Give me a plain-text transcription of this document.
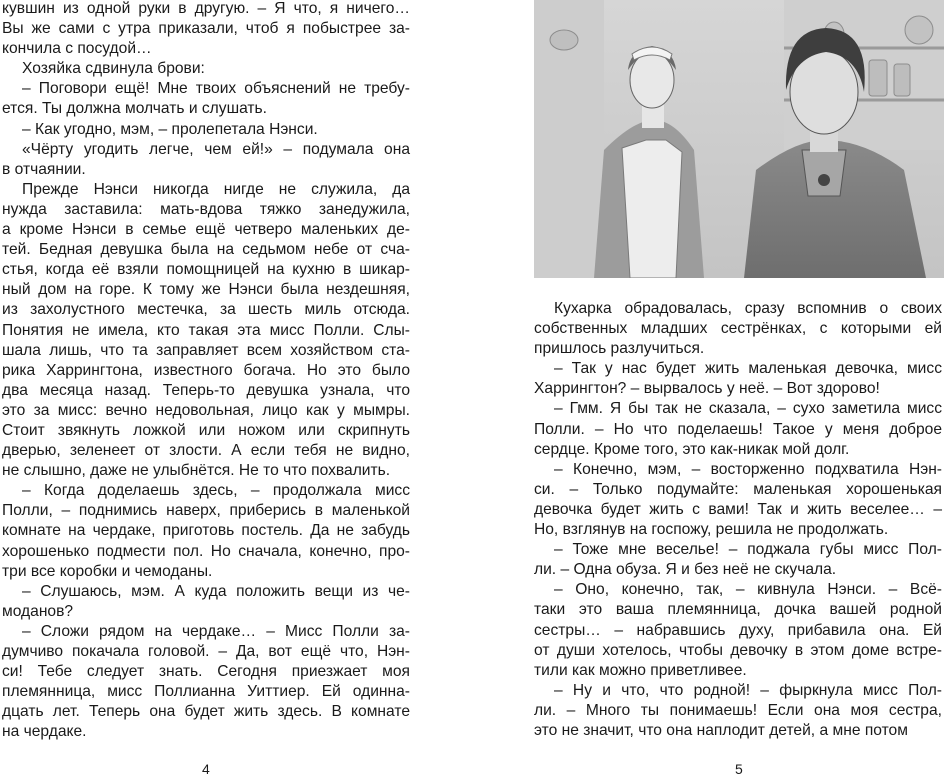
кувшин из одной руки в другую. – Я что, я ничего…

Вы же сами с утра приказали, чтоб я побыстрее за-

кончила с посудой…

Хозяйка сдвинула брови:

– Поговори ещё! Мне твоих объяснений не требу-

ется. Ты должна молчать и слушать.

– Как угодно, мэм, – пролепетала Нэнси.

«Чёрту угодить легче, чем ей!» – подумала она

в отчаянии.

Прежде Нэнси никогда нигде не служила, да

нужда заставила: мать-вдова тяжко занедужила,

а кроме Нэнси в семье ещё четверо маленьких де-

тей. Бедная девушка была на седьмом небе от сча-

стья, когда её взяли помощницей на кухню в шикар-

ный дом на горе. К тому же Нэнси была нездешняя,

из захолустного местечка, за шесть миль отсюда.

Понятия не имела, кто такая эта мисс Полли. Слы-

шала лишь, что та заправляет всем хозяйством ста-

рика Харрингтона, известного богача. Но это было

два месяца назад. Теперь-то девушка узнала, что

это за мисс: вечно недовольная, лицо как у мымры.

Стоит звякнуть ложкой или ножом или скрипнуть

дверью, зеленеет от злости. А если тебя не видно,

не слышно, даже не улыбнётся. Не то что похвалить.

– Когда доделаешь здесь, – продолжала мисс

Полли, – поднимись наверх, приберись в маленькой

комнате на чердаке, приготовь постель. Да не забудь

хорошенько подмести пол. Но сначала, конечно, про-

три все коробки и чемоданы.

– Слушаюсь, мэм. А куда положить вещи из че-

моданов?

– Сложи рядом на чердаке… – Мисс Полли за-

думчиво покачала головой. – Да, вот ещё что, Нэн-

си! Тебе следует знать. Сегодня приезжает моя

племянница, мисс Поллианна Уиттиер. Ей одинна-

дцать лет. Теперь она будет жить здесь. В комнате

на чердаке.

4

Кухарка обрадовалась, сразу вспомнив о своих

собственных младших сестрёнках, с которыми ей

пришлось разлучиться.

– Так у нас будет жить маленькая девочка, мисс

Харрингтон? – вырвалось у неё. – Вот здорово!

– Гмм. Я бы так не сказала, – сухо заметила мисс

Полли. – Но что поделаешь! Такое у меня доброе

сердце. Кроме того, это как-никак мой долг.

– Конечно, мэм, – восторженно подхватила Нэн-

си. – Только подумайте: маленькая хорошенькая

девочка будет жить с вами! Так и жить веселее… –

Но, взглянув на госпожу, решила не продолжать.

– Тоже мне веселье! – поджала губы мисс Пол-

ли. – Одна обуза. Я и без неё не скучала.

– Оно, конечно, так, – кивнула Нэнси. – Всё-

таки это ваша племянница, дочка вашей родной

сестры… – набравшись духу, прибавила она. Ей

от души хотелось, чтобы девочку в этом доме встре-

тили как можно приветливее.

– Ну и что, что родной! – фыркнула мисс Пол-

ли. – Много ты понимаешь! Если она моя сестра,

это не значит, что она наплодит детей, а мне потом

5
